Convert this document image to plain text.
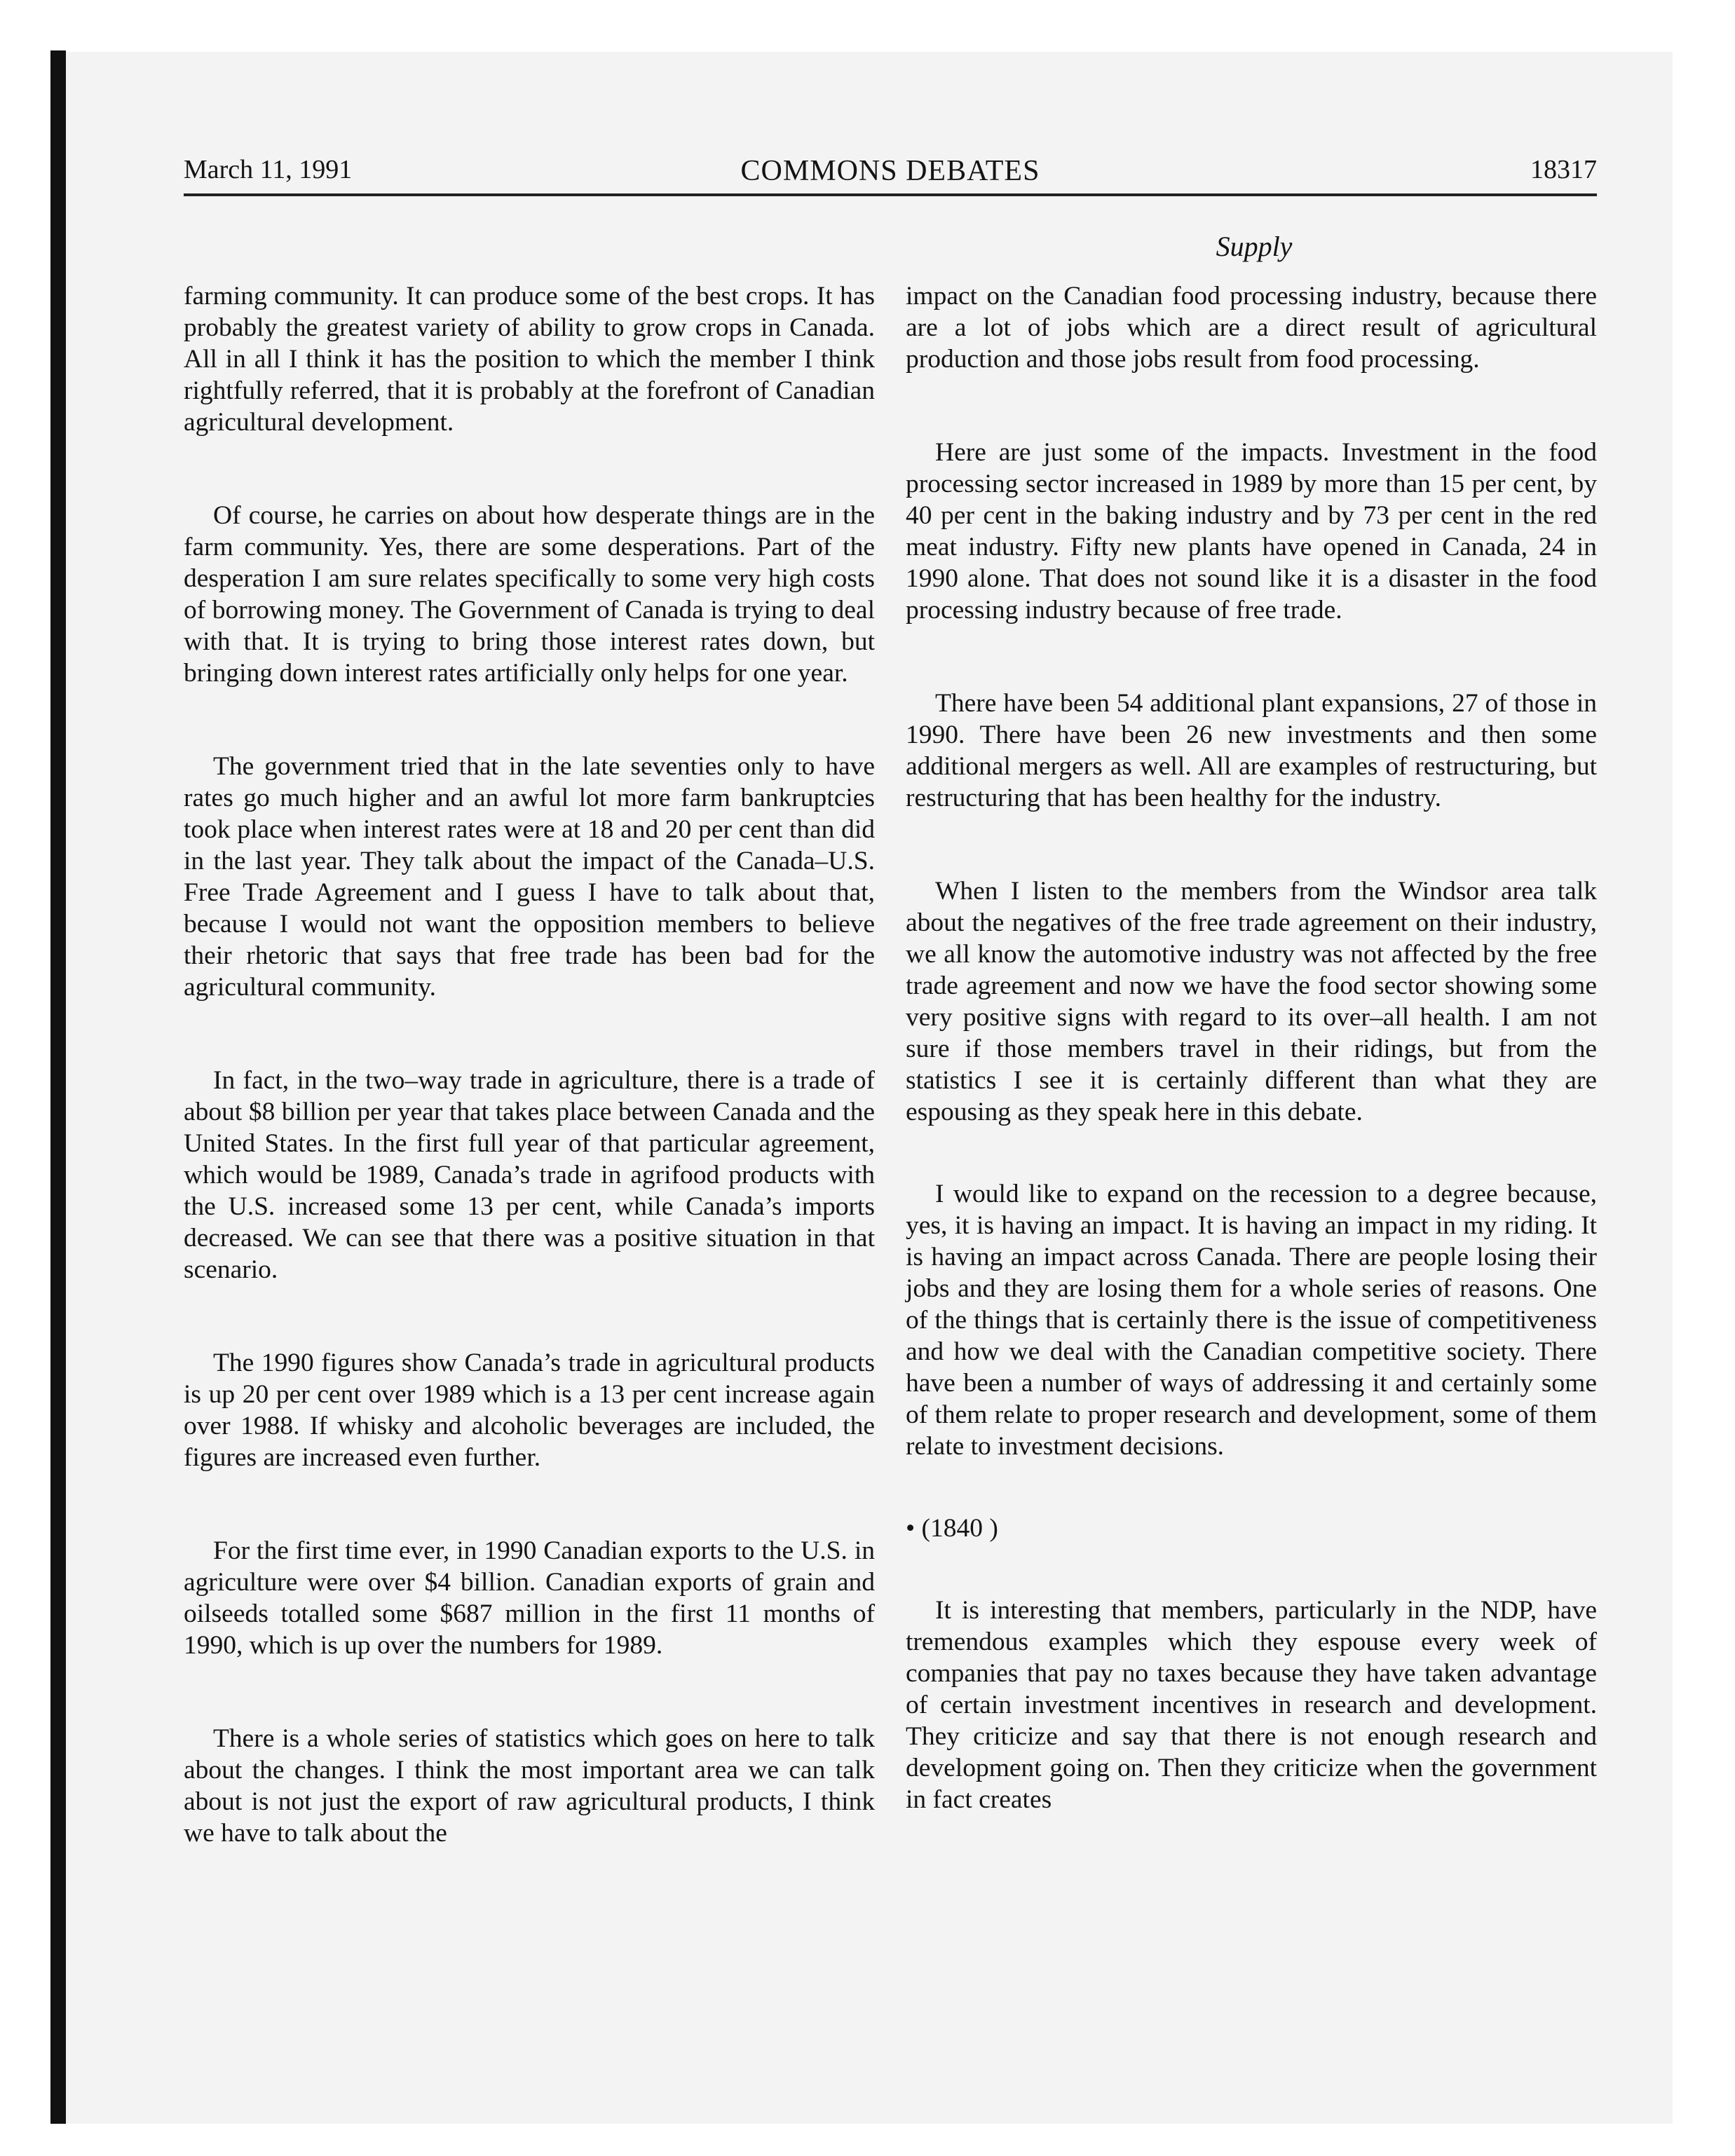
March 11, 1991	COMMONS DEBATES	18317
Supply

farming community. It can produce some of the best crops. It has probably the greatest variety of ability to grow crops in Canada. All in all I think it has the position to which the member I think rightfully referred, that it is probably at the forefront of Canadian agricultural development.

Of course, he carries on about how desperate things are in the farm community. Yes, there are some desperations. Part of the desperation I am sure relates specifically to some very high costs of borrowing money. The Government of Canada is trying to deal with that. It is trying to bring those interest rates down, but bringing down interest rates artificially only helps for one year.

The government tried that in the late seventies only to have rates go much higher and an awful lot more farm bankruptcies took place when interest rates were at 18 and 20 per cent than did in the last year. They talk about the impact of the Canada–U.S. Free Trade Agreement and I guess I have to talk about that, because I would not want the opposition members to believe their rhetoric that says that free trade has been bad for the agricultural community.

In fact, in the two–way trade in agriculture, there is a trade of about $8 billion per year that takes place between Canada and the United States. In the first full year of that particular agreement, which would be 1989, Canada’s trade in agrifood products with the U.S. increased some 13 per cent, while Canada’s imports decreased. We can see that there was a positive situation in that scenario.

The 1990 figures show Canada’s trade in agricultural products is up 20 per cent over 1989 which is a 13 per cent increase again over 1988. If whisky and alcoholic beverages are included, the figures are increased even further.

For the first time ever, in 1990 Canadian exports to the U.S. in agriculture were over $4 billion. Canadian exports of grain and oilseeds totalled some $687 million in the first 11 months of 1990, which is up over the numbers for 1989.

There is a whole series of statistics which goes on here to talk about the changes. I think the most important area we can talk about is not just the export of raw agricultural products, I think we have to talk about the

impact on the Canadian food processing industry, because there are a lot of jobs which are a direct result of agricultural production and those jobs result from food processing.

Here are just some of the impacts. Investment in the food processing sector increased in 1989 by more than 15 per cent, by 40 per cent in the baking industry and by 73 per cent in the red meat industry. Fifty new plants have opened in Canada, 24 in 1990 alone. That does not sound like it is a disaster in the food processing industry because of free trade.

There have been 54 additional plant expansions, 27 of those in 1990. There have been 26 new investments and then some additional mergers as well. All are examples of restructuring, but restructuring that has been healthy for the industry.

When I listen to the members from the Windsor area talk about the negatives of the free trade agreement on their industry, we all know the automotive industry was not affected by the free trade agreement and now we have the food sector showing some very positive signs with regard to its over–all health. I am not sure if those members travel in their ridings, but from the statistics I see it is certainly different than what they are espousing as they speak here in this debate.

I would like to expand on the recession to a degree because, yes, it is having an impact. It is having an impact in my riding. It is having an impact across Canada. There are people losing their jobs and they are losing them for a whole series of reasons. One of the things that is certainly there is the issue of competitiveness and how we deal with the Canadian competitive society. There have been a number of ways of addressing it and certainly some of them relate to proper research and development, some of them relate to investment decisions.

• (1840 )

It is interesting that members, particularly in the NDP, have tremendous examples which they espouse every week of companies that pay no taxes because they have taken advantage of certain investment incentives in research and development. They criticize and say that there is not enough research and development going on. Then they criticize when the government in fact creates
